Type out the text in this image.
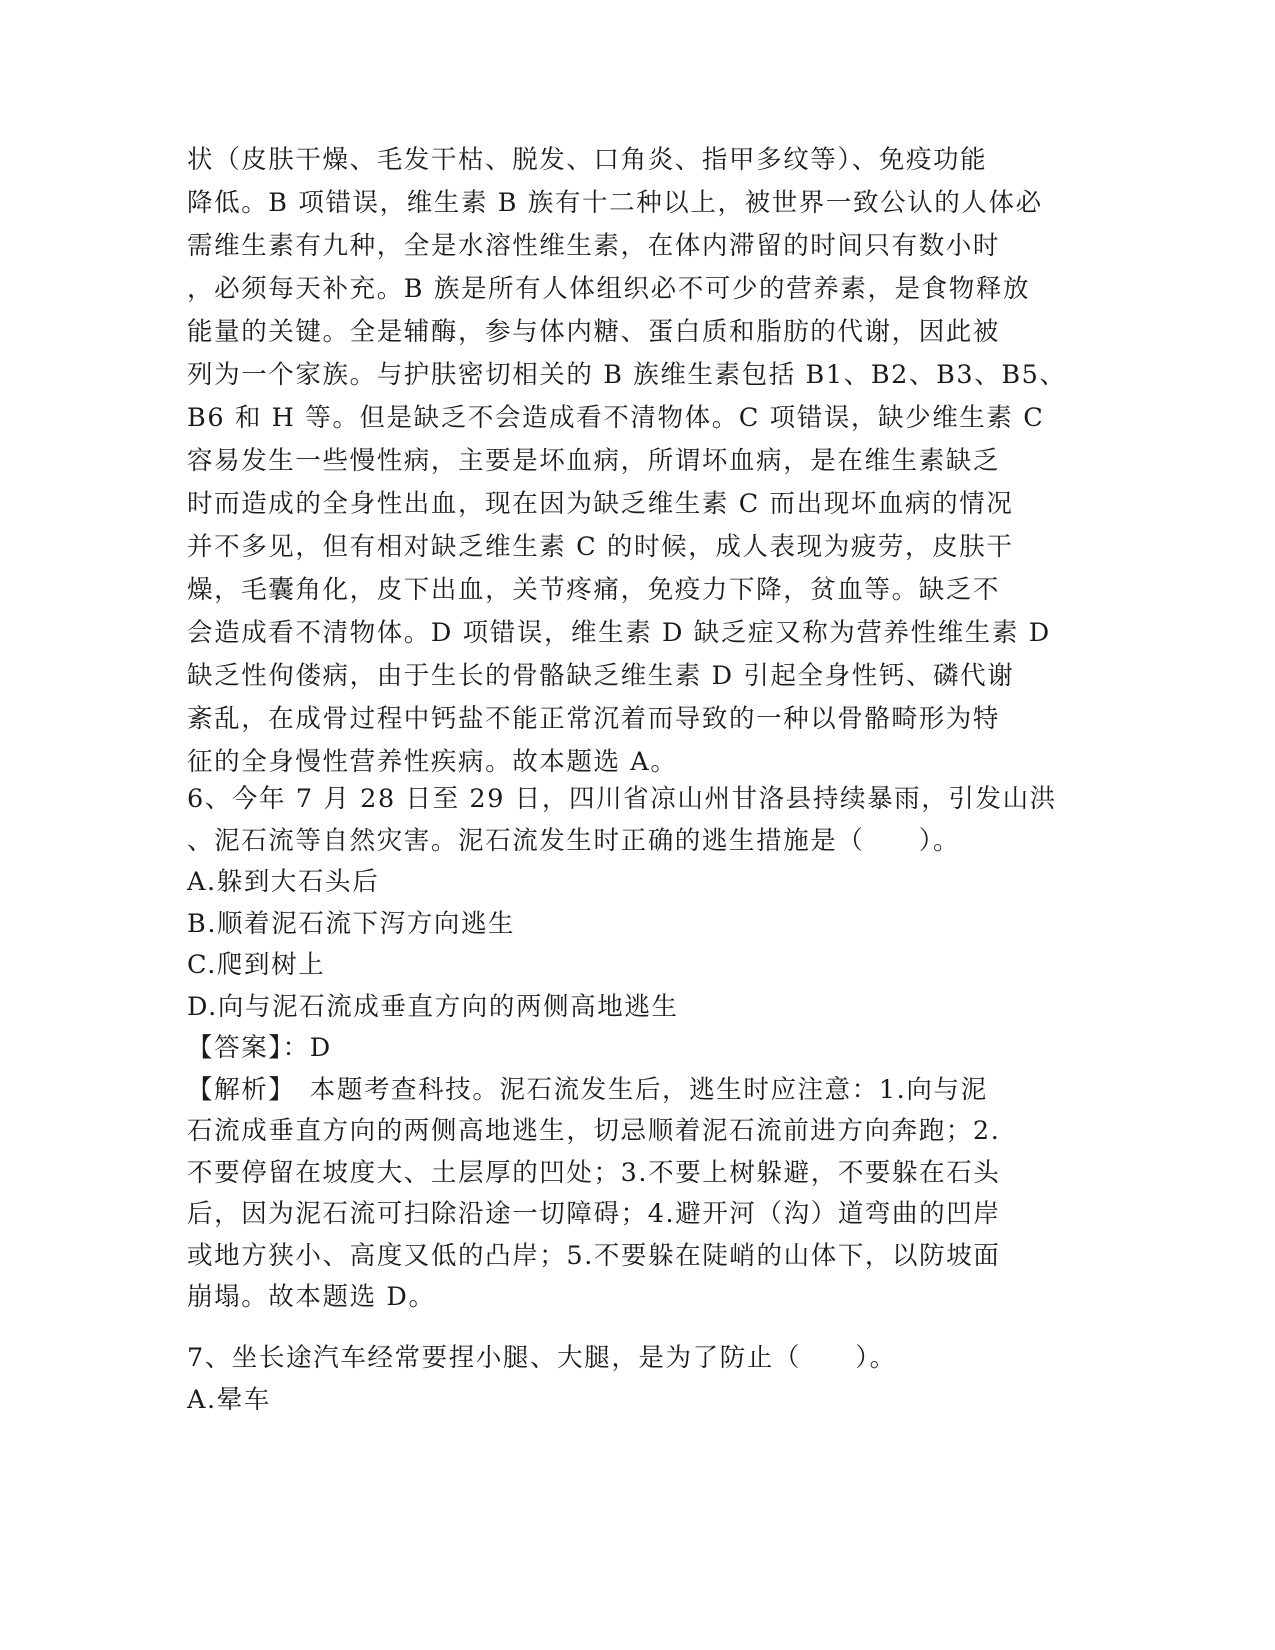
状（皮肤干燥、毛发干枯、脱发、口角炎、指甲多纹等）、免疫功能
降低。B 项错误，维生素 B 族有十二种以上，被世界一致公认的人体必
需维生素有九种，全是水溶性维生素，在体内滞留的时间只有数小时
，必须每天补充。B 族是所有人体组织必不可少的营养素，是食物释放
能量的关键。全是辅酶，参与体内糖、蛋白质和脂肪的代谢，因此被
列为一个家族。与护肤密切相关的 B 族维生素包括 B1、B2、B3、B5、
B6 和 H 等。但是缺乏不会造成看不清物体。C 项错误，缺少维生素 C
容易发生一些慢性病，主要是坏血病，所谓坏血病，是在维生素缺乏
时而造成的全身性出血，现在因为缺乏维生素 C 而出现坏血病的情况
并不多见，但有相对缺乏维生素 C 的时候，成人表现为疲劳，皮肤干
燥，毛囊角化，皮下出血，关节疼痛，免疫力下降，贫血等。缺乏不
会造成看不清物体。D 项错误，维生素 D 缺乏症又称为营养性维生素 D
缺乏性佝偻病，由于生长的骨骼缺乏维生素 D 引起全身性钙、磷代谢
紊乱，在成骨过程中钙盐不能正常沉着而导致的一种以骨骼畸形为特
征的全身慢性营养性疾病。故本题选 A。
6、今年 7 月 28 日至 29 日，四川省凉山州甘洛县持续暴雨，引发山洪
、泥石流等自然灾害。泥石流发生时正确的逃生措施是（　　）。
A.躲到大石头后
B.顺着泥石流下泻方向逃生
C.爬到树上
D.向与泥石流成垂直方向的两侧高地逃生
【答案】：D
【解析】　本题考查科技。泥石流发生后，逃生时应注意：1.向与泥
石流成垂直方向的两侧高地逃生，切忌顺着泥石流前进方向奔跑；2.
不要停留在坡度大、土层厚的凹处；3.不要上树躲避，不要躲在石头
后，因为泥石流可扫除沿途一切障碍；4.避开河（沟）道弯曲的凹岸
或地方狭小、高度又低的凸岸；5.不要躲在陡峭的山体下，以防坡面
崩塌。故本题选 D。
7、坐长途汽车经常要捏小腿、大腿，是为了防止（　　）。
A.晕车
